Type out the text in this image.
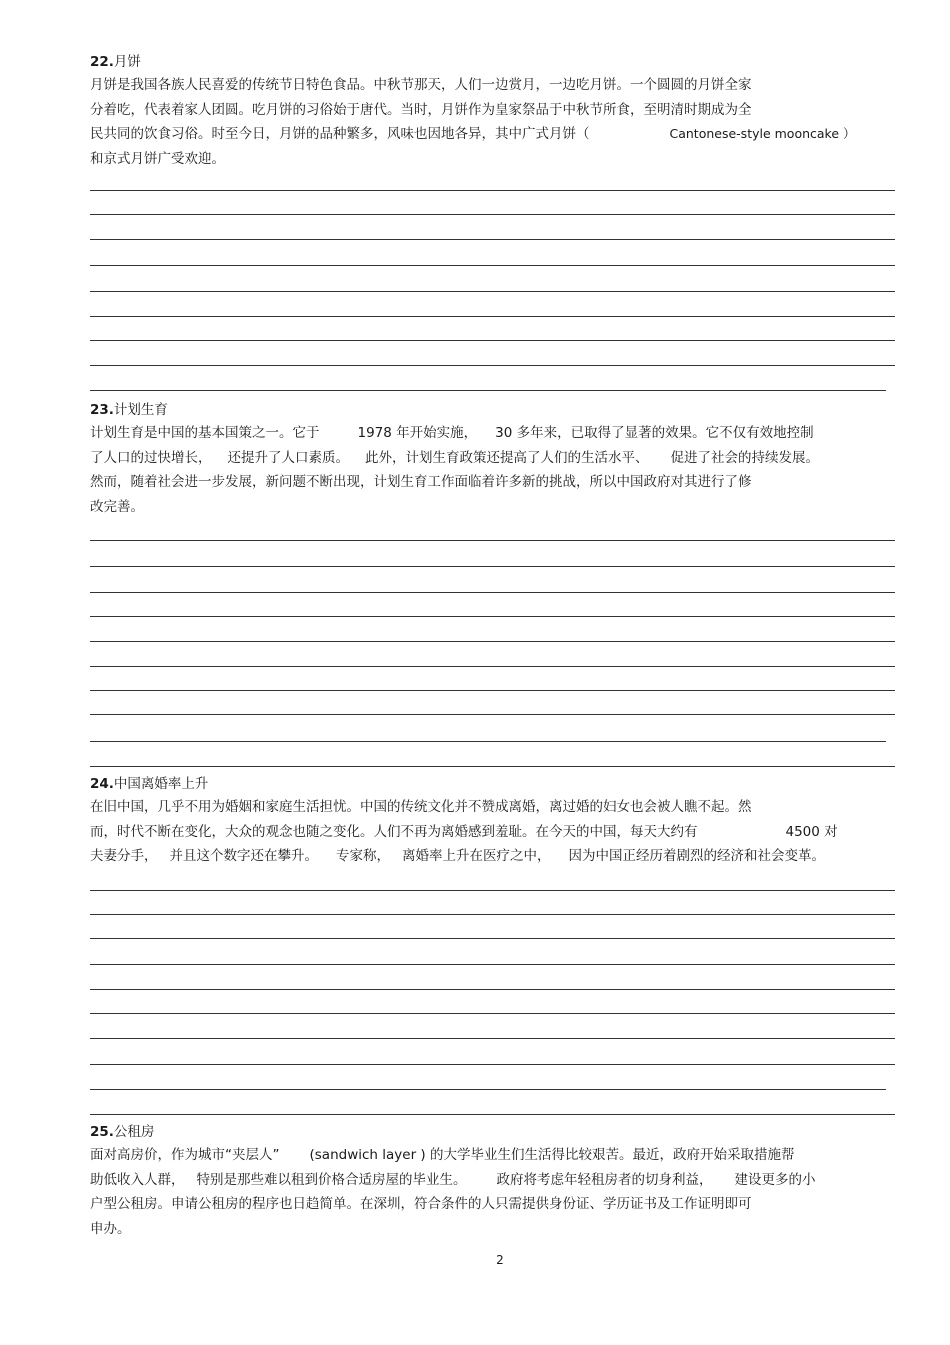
22.月饼
月饼是我国各族人民喜爱的传统节日特色食品。中秋节那天，人们一边赏月，一边吃月饼。一个圆圆的月饼全家
分着吃，代表着家人团圆。吃月饼的习俗始于唐代。当时，月饼作为皇家祭品于中秋节所食，至明清时期成为全
民共同的饮食习俗。时至今日，月饼的品种繁多，风味也因地各异，其中广式月饼（	Cantonese-style mooncake ）
和京式月饼广受欢迎。
23.计划生育
计划生育是中国的基本国策之一。它于	1978 年开始实施， 30 多年来，已取得了显著的效果。它不仅有效地控制
了人口的过快增长， 还提升了人口素质。 此外，计划生育政策还提高了人们的生活水平、 促进了社会的持续发展。
然而，随着社会进一步发展，新问题不断出现，计划生育工作面临着许多新的挑战，所以中国政府对其进行了修
改完善。
24.中国离婚率上升
在旧中国，几乎不用为婚姻和家庭生活担忧。中国的传统文化并不赞成离婚，离过婚的妇女也会被人瞧不起。然
而，时代不断在变化，大众的观念也随之变化。人们不再为离婚感到羞耻。在今天的中国，每天大约有	4500 对
夫妻分手， 并且这个数字还在攀升。 专家称， 离婚率上升在医疗之中， 因为中国正经历着剧烈的经济和社会变革。
25.公租房
面对高房价，作为城市“夹层人” (sandwich layer ) 的大学毕业生们生活得比较艰苦。最近，政府开始采取措施帮
助低收入人群， 特别是那些难以租到价格合适房屋的毕业生。 政府将考虑年轻租房者的切身利益， 建设更多的小
户型公租房。申请公租房的程序也日趋简单。在深圳，符合条件的人只需提供身份证、学历证书及工作证明即可
申办。
2
